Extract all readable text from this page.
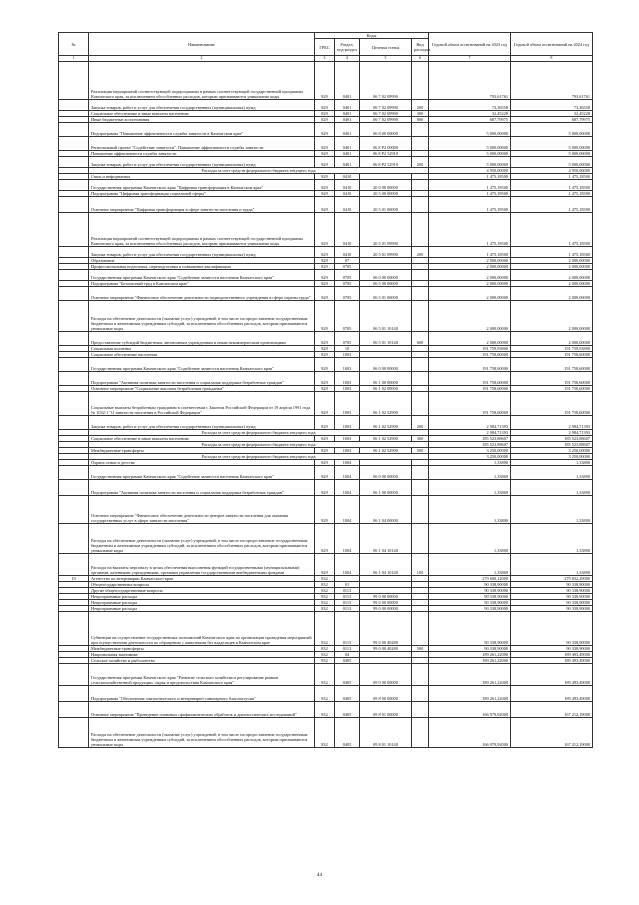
№	Наименование	Коды				Годовой объем ассигнований на 2023 год	Годовой объем ассигнований на 2024 год
		ГРБС	Раздел, под-раздел	Целевая статья	Вид расходов		
1	2	3	4	5	6	7	8
	Реализация мероприятий соответствующей подпрограммы в рамках соответствующей государственной программы Камчатского края, за исключением обособленных расходов, которым присваиваются уникальные коды	829	0401	06 7 02 09990		793,61761	793,61761
	Закупка товаров, работ и услуг для обеспечения государственных (муниципальных) нужд	829	0401	06 7 02 09990	200	73,36558	73,36558
	Социальное обеспечение и иные выплаты населению	829	0401	06 7 02 09990	300	32,45228	32,45228
	Иные бюджетные ассигнования	829	0401	06 7 02 09990	800	687,79975	687,79975
	Подпрограмма "Повышение эффективности службы занятости в Камчатском крае"	829	0401	06 8 00 00000		5 000,00000	5 000,00000
	Региональный проект "Содействие занятости". Повышение эффективности службы занятости	829	0401	06 8 P2 00000		5 000,00000	5 000,00000
	Повышение эффективности службы занятости	829	0401	06 8 P2 52910		5 000,00000	5 000,00000
	Закупка товаров, работ и услуг для обеспечения государственных (муниципальных) нужд	829	0401	06 8 P2 52910	200	5 000,00000	5 000,00000
	Расходы за счет средств федерального бюджета текущего года					4 950,00000	4 950,00000
	Связь и информатика	829	0410			1 475,18500	1 475,18500
	Государственная программа Камчатского края "Цифровая трансформация в Камчатском крае"	829	0410	20 0 00 00000		1 475,18500	1 475,18500
	Подпрограмма "Цифровая трансформация социальной сферы"	829	0410	20 5 00 00000		1 475,18500	1 475,18500
	Основное мероприятие "Цифровая трансформация в сфере занятости населения и труда"	829	0410	20 5 01 00000		1 475,18500	1 475,18500
	Реализация мероприятий соответствующей подпрограммы в рамках соответствующей государственной программы Камчатского края, за исключением обособленных расходов, которым присваиваются уникальные коды	829	0410	20 5 01 09990		1 475,18500	1 475,18500
	Закупка товаров, работ и услуг для обеспечения государственных (муниципальных) нужд	829	0410	20 5 01 09990	200	1 475,18500	1 475,18500
	Образование	829	07			2 000,00000	2 000,00000
	Профессиональная подготовка, переподготовка и повышение квалификации	829	0705			2 000,00000	2 000,00000
	Государственная программа Камчатского края "Содействие занятости населения Камчатского края"	829	0705	06 0 00 00000		2 000,00000	2 000,00000
	Подпрограмма "Безопасный труд в Камчатском крае"	829	0705	06 5 00 00000		2 000,00000	2 000,00000
	Основное мероприятие "Финансовое обеспечение деятельности подведомственного учреждения в сфере охраны труда"	829	0705	06 5 01 00000		2 000,00000	2 000,00000
	Расходы на обеспечение деятельности (оказание услуг) учреждений, в том числе на предоставление государственным бюджетным и автономным учреждениям субсидий, за исключением обособленных расходов, которым присваиваются уникальные коды	829	0705	06 5 01 10140		2 000,00000	2 000,00000
	Предоставление субсидий бюджетным, автономным учреждениям и иным некоммерческим организациям	829	0705	06 5 01 10140	600	2 000,00000	2 000,00000
	Социальная политика	829	10			191 759,93800	191 759,93800
	Социальное обеспечение населения	829	1003			191 758,60000	191 758,60000
	Государственная программа Камчатского края "Содействие занятости населения Камчатского края"	829	1003	06 0 00 00000		191 758,60000	191 758,60000
	Подпрограмма "Активная политика занятости населения и социальная поддержка безработных граждан"	829	1003	06 1 00 00000		191 758,60000	191 758,60000
	Основное мероприятие "Социальные выплаты безработным гражданам"	829	1003	06 1 02 00000		191 758,60000	191 758,60000
	Социальные выплаты безработным гражданам в соответствии с Законом Российской Федерации от 19 апреля 1991 года № 1032-1 "О занятости населения в Российской Федерации"	829	1003	06 1 02 52900		191 758,60000	191 758,60000
	Закупка товаров, работ и услуг для обеспечения государственных (муниципальных) нужд	829	1003	06 1 02 52900	200	2 984,71393	2 984,71393
	Расходы за счет средств федерального бюджета текущего года					2 984,71393	2 984,71393
	Социальное обеспечение и иные выплаты населению	829	1003	06 1 02 52900	300	185 523,88607	185 523,88607
	Расходы за счет средств федерального бюджета текущего года					185 523,88607	185 523,88607
	Межбюджетные трансферты	829	1003	06 1 02 52900	500	3 250,00000	3 250,00000
	Расходы за счет средств федерального бюджета текущего года					3 250,00000	3 250,00000
	Охрана семьи и детства	829	1004			1,33800	1,33800
	Государственная программа Камчатского края "Содействие занятости населения Камчатского края"	829	1004	06 0 00 00000		1,33800	1,33800
	Подпрограмма "Активная политика занятости населения и социальная поддержка безработных граждан"	829	1004	06 1 00 00000		1,33800	1,33800
	Основное мероприятие "Финансовое обеспечение деятельности центров занятости населения для оказания государственных услуг в сфере занятости населения"	829	1004	06 1 04 00000		1,33800	1,33800
	Расходы на обеспечение деятельности (оказание услуг) учреждений, в том числе на предоставление государственным бюджетным и автономным учреждениям субсидий, за исключением обособленных расходов, которым присваиваются уникальные коды	829	1004	06 1 04 10140		1,33800	1,33800
	Расходы на выплаты персоналу в целях обеспечения выполнения функций государственными (муниципальными) органами, казенными учреждениями, органами управления государственными внебюджетными фондами	829	1004	06 1 04 10140	100	1,33800	1,33800
19	Агентство по ветеринарии Камчатского края	832				279 600,12000	279 832,29000
	Общегосударственные вопросы	832	01			90 338,90000	90 338,90000
	Другие общегосударственные вопросы	832	0113			90 338,90000	90 338,90000
	Непрограммные расходы	832	0113	99 0 00 00000		90 338,90000	90 338,90000
	Непрограммные расходы	832	0113	99 0 00 00000		90 338,90000	90 338,90000
	Непрограммные расходы	832	0113	99 0 00 00000		90 338,90000	90 338,90000
	Субвенции на осуществление государственных полномочий Камчатского края по организации проведения мероприятий при осуществлении деятельности по обращению с животными без владельцев в Камчатском крае	832	0113	99 0 00 40280		90 338,90000	90 338,90000
	Межбюджетные трансферты	832	0113	99 0 00 40280	500	90 338,90000	90 338,90000
	Национальная экономика	832	04			189 261,22000	189 493,49000
	Сельское хозяйство и рыболовство	832	0405			189 261,22000	189 493,49000
	Государственная программа Камчатского края "Развитие сельского хозяйства и регулирование рынков сельскохозяйственной продукции, сырья и продовольствия Камчатского края"	832	0405	09 0 00 00000		189 261,22000	189 493,49000
	Подпрограмма "Обеспечение эпизоотического и ветеринарно-санитарного благополучия"	832	0405	09 8 00 00000		189 261,22000	189 493,49000
	Основное мероприятие "Проведение плановых профилактических обработок и диагностических исследований"	832	0405	09 8 01 00000		166 979,92000	167 212,19000
	Расходы на обеспечение деятельности (оказание услуг) учреждений, в том числе на предоставление государственным бюджетным и автономным учреждениям субсидий, за исключением обособленных расходов, которым присваиваются уникальные коды	832	0405	09 8 01 10140		166 979,92000	167 212,19000
44
